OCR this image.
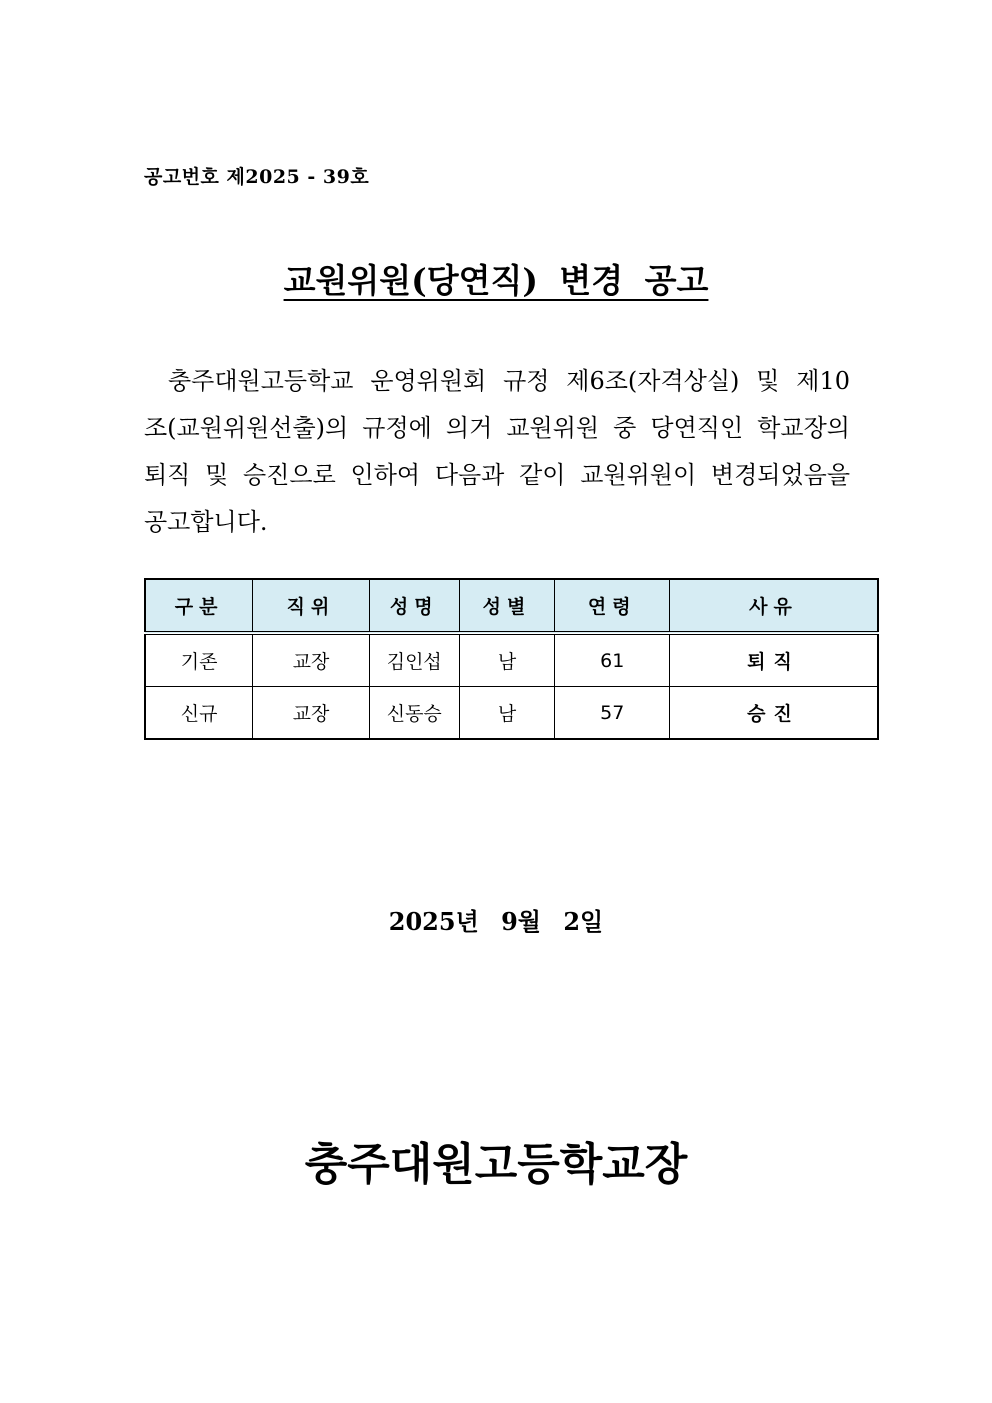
공고번호 제2025 - 39호
교원위원(당연직) 변경 공고

충주대원고등학교 운영위원회 규정 제6조(자격상실) 및 제10조(교원위원선출)의 규정에 의거 교원위원 중 당연직인 학교장의 퇴직 및 승진으로 인하여 다음과 같이 교원위원이 변경되었음을 공고합니다.

구분	직위	성명	성별	연령	사유
기존	교장	김인섭	남	61	퇴직
신규	교장	신동승	남	57	승진
2025년 9월 2일
충주대원고등학교장
